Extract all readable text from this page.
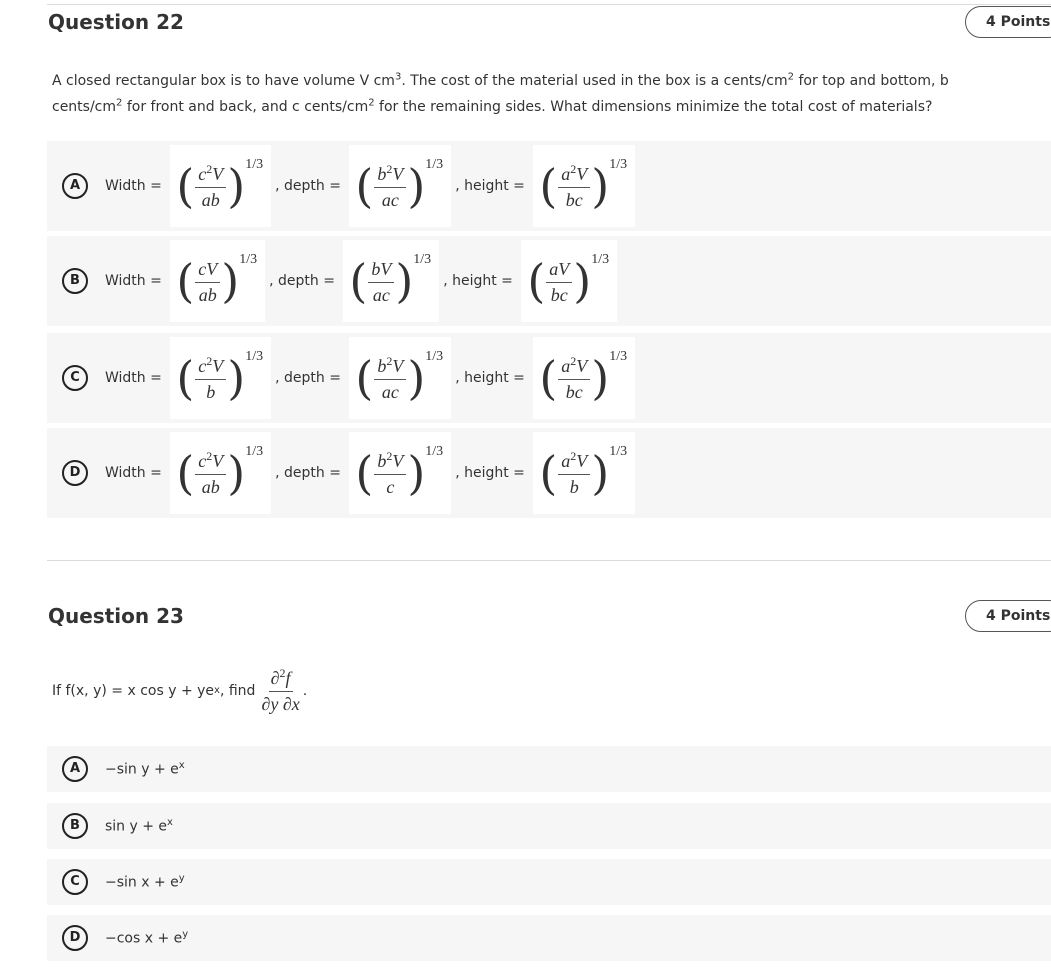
Question 22	4 Points
A closed rectangular box is to have volume V $cm^3$. The cost of the material used in the box is a cents/$cm^2$ for top and bottom, b
cents/$cm^2$ for front and back, and c cents/$cm^2$ for the remaining sides. What dimensions minimize the total cost of materials?
A	Width = ( $\frac{c^2V}{ab}$ ) 1/3
, depth = ( $\frac{b^2V}{ac}$ ) 1/3
, height = ( $\frac{a^2V}{bc}$ ) 1/3
B	Width = ( $\frac{cV}{ab}$ ) 1/3
, depth = ( $\frac{bV}{ac}$ ) 1/3
, height = ( $\frac{aV}{bc}$ ) 1/3
C	Width = ( $\frac{c^2V}{b}$ ) 1/3
, depth = ( $\frac{b^2V}{ac}$ ) 1/3
, height = ( $\frac{a^2V}{bc}$ ) 1/3
D	Width = ( $\frac{c^2V}{ab}$ ) 1/3
, depth = ( $\frac{b^2V}{c}$ ) 1/3
, height = ( $\frac{a^2V}{b}$ ) 1/3
Question 23	4 Points
If f(x, y) = x cos y + ye x , find $\frac{\partial^2f}{\partial y \partial x}$ .
A	−sin $y + e^x$
B	$\sin y + e^x$
C	−sin $x + e^y$
D	−cos $x + e^y$
